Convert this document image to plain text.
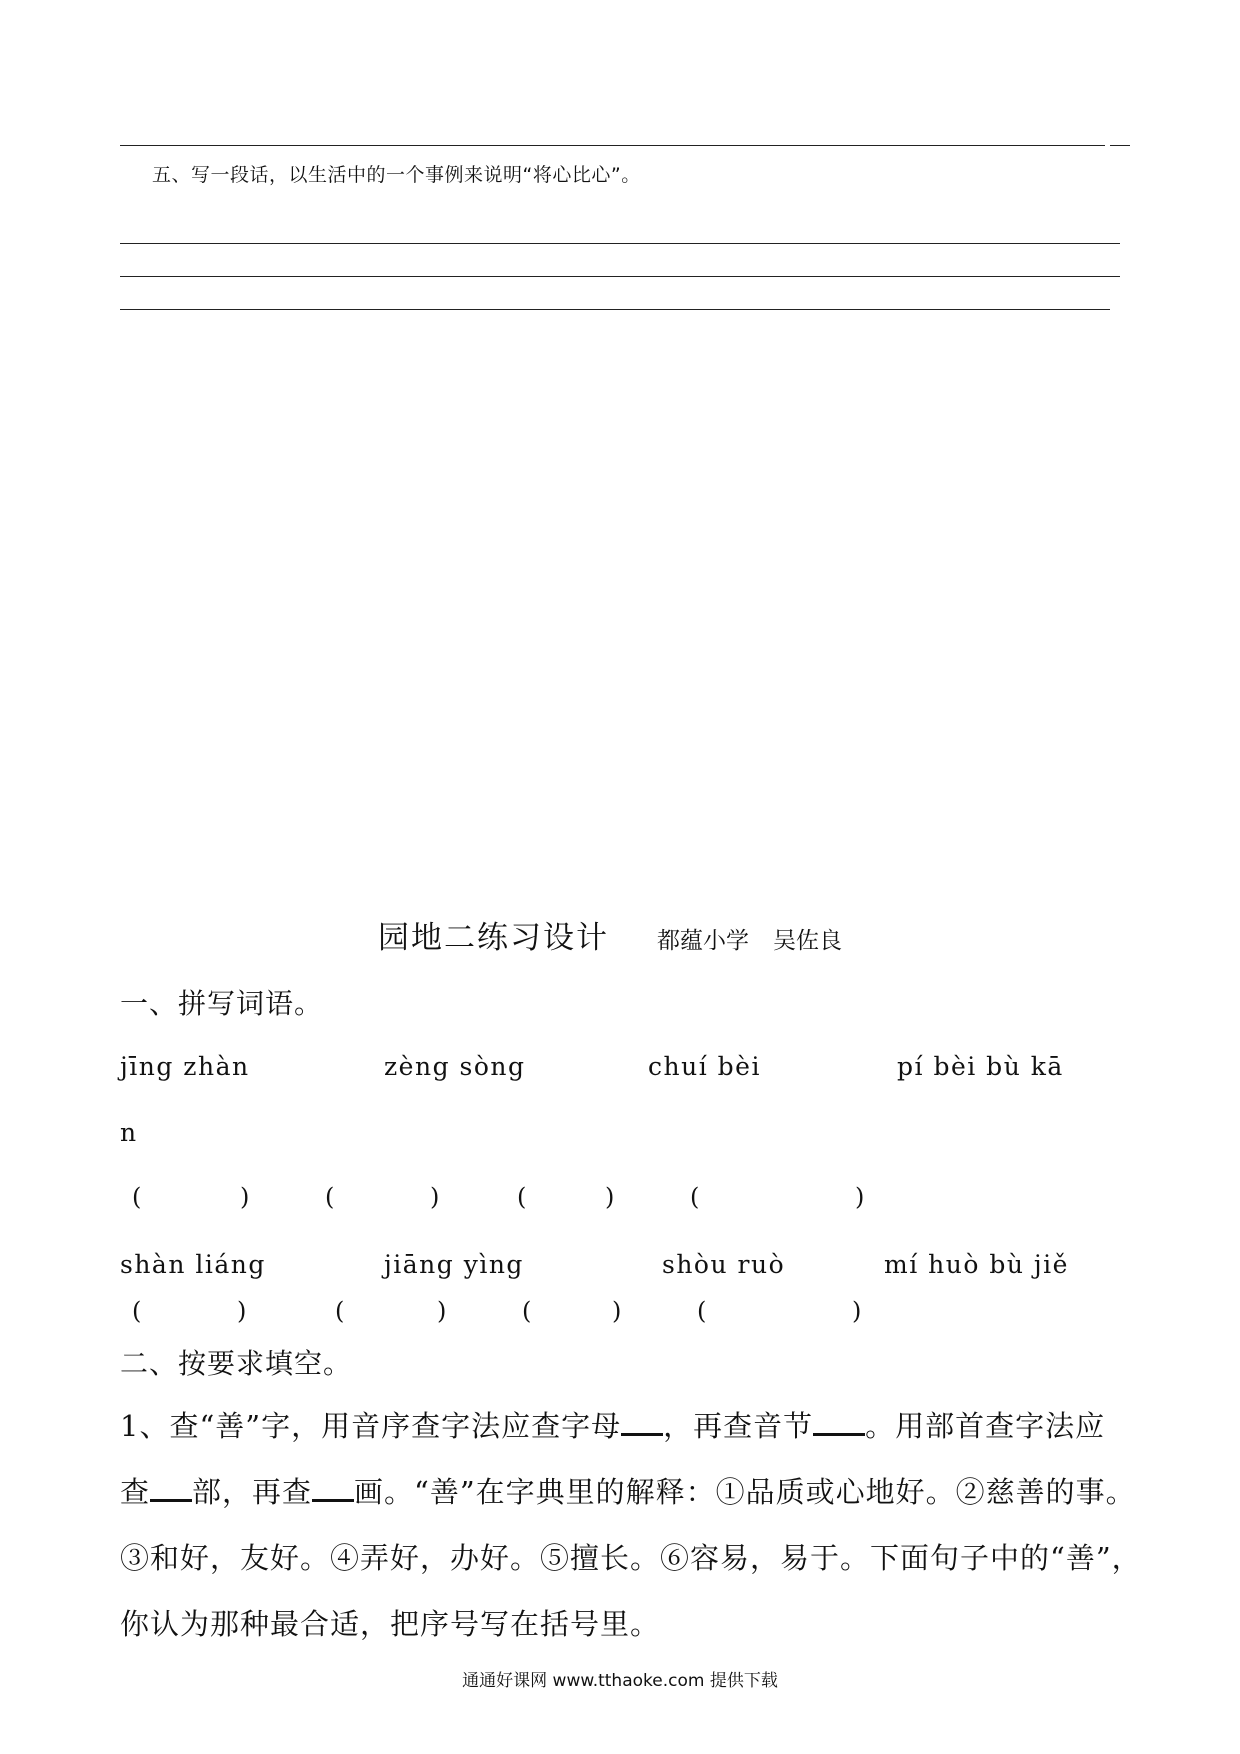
五、写一段话，以生活中的一个事例来说明“将心比心”。
园地二练习设计 都蕴小学 吴佐良
一、拼写词语。
jīng zhàn	zèng sòng	chuí bèi	pí bèi bù kā
n
(	)	(	)	(	)	(	)
shàn liáng	jiāng yìng	shòu ruò	mí huò bù jiě
(	)	(	)	(	)	(	)
二、按要求填空。
1、查“善”字，用音序查字法应查字母 ，再查音节 。用部首查字法应
查 部，再查 画。“善”在字典里的解释：①品质或心地好。②慈善的事。
③和好，友好。④弄好，办好。⑤擅长。⑥容易，易于。下面句子中的“善”，
你认为那种最合适，把序号写在括号里。
通通好课网 www.tthaoke.com 提供下载
